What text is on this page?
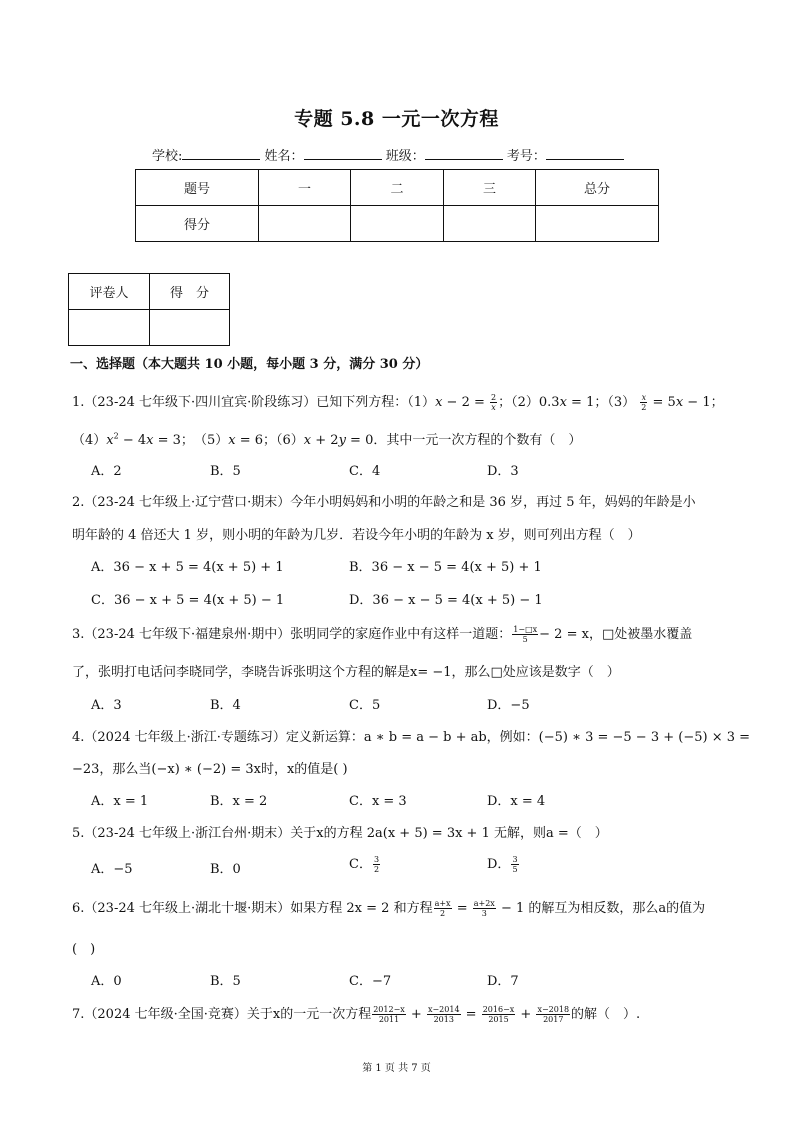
专题 5.8 一元一次方程
学校:	姓名：	班级：	考号：
题号	一	二	三	总分
得分				
评卷人	得　分

一、选择题（本大题共 10 小题，每小题 3 分，满分 30 分）
1.（23-24 七年级下·四川宜宾·阶段练习）已知下列方程：$(1)x - 2 = \frac{2}{x}$ ；（2）0.3x = 1；$(3) \frac{x}{2} = 5x - 1$；
$(4)x^2 - 4x = 3$；　（5）x = 6；（6）x + 2y = 0．其中一元一次方程的个数有（　）
A．2	B．5	C．4	D．3
2.（23-24 七年级上·辽宁营口·期末）今年小明妈妈和小明的年龄之和是 36 岁，再过 5 年，妈妈的年龄是小
明年龄的 4 倍还大 1 岁，则小明的年龄为几岁．若设今年小明的年龄为 x 岁，则可列出方程（　）
A．36 − x + 5 = 4(x + 5) + 1	B．36 − x − 5 = 4(x + 5) + 1
C．36 − x + 5 = 4(x + 5) − 1	D．36 − x − 5 = 4(x + 5) − 1
3.（23-24 七年级下·福建泉州·期中）张明同学的家庭作业中有这样一道题： $\frac{1-□x}{5} - 2 = x$，□处被墨水覆盖
了，张明打电话问李晓同学，李晓告诉张明这个方程的解是x= −1，那么□处应该是数字（　）
A．3	B．4	C．5	D．−5
4.（2024 七年级上·浙江·专题练习）定义新运算：a ∗ b = a − b + ab，例如：(−5) ∗ 3 = −5 − 3 + (−5) × 3 =
−23，那么当(−x) ∗ (−2) = 3x时，x的值是( )
A．x = 1	B．x = 2	C．x = 3	D．x = 4
5.（23-24 七年级上·浙江台州·期末）关于x的方程 2a(x + 5) = 3x + 1 无解，则a =（　）
A．−5	B．0	C． $\frac{3}{2}$	D． $\frac{3}{5}$
6.（23-24 七年级上·湖北十堰·期末）如果方程 2x = 2 和方程 $\frac{a+x}{2} = \frac{a+2x}{3} - 1$ 的解互为相反数，那么a的值为
(　)
A．0	B．5	C．−7	D．7
7.（2024 七年级·全国·竞赛）关于x的一元一次方程 $\frac{2012-x}{2011} + \frac{x-2014}{2013} = \frac{2016-x}{2015} + \frac{x-2018}{2017}$ 的解（　）.
第 1 页 共 7 页
